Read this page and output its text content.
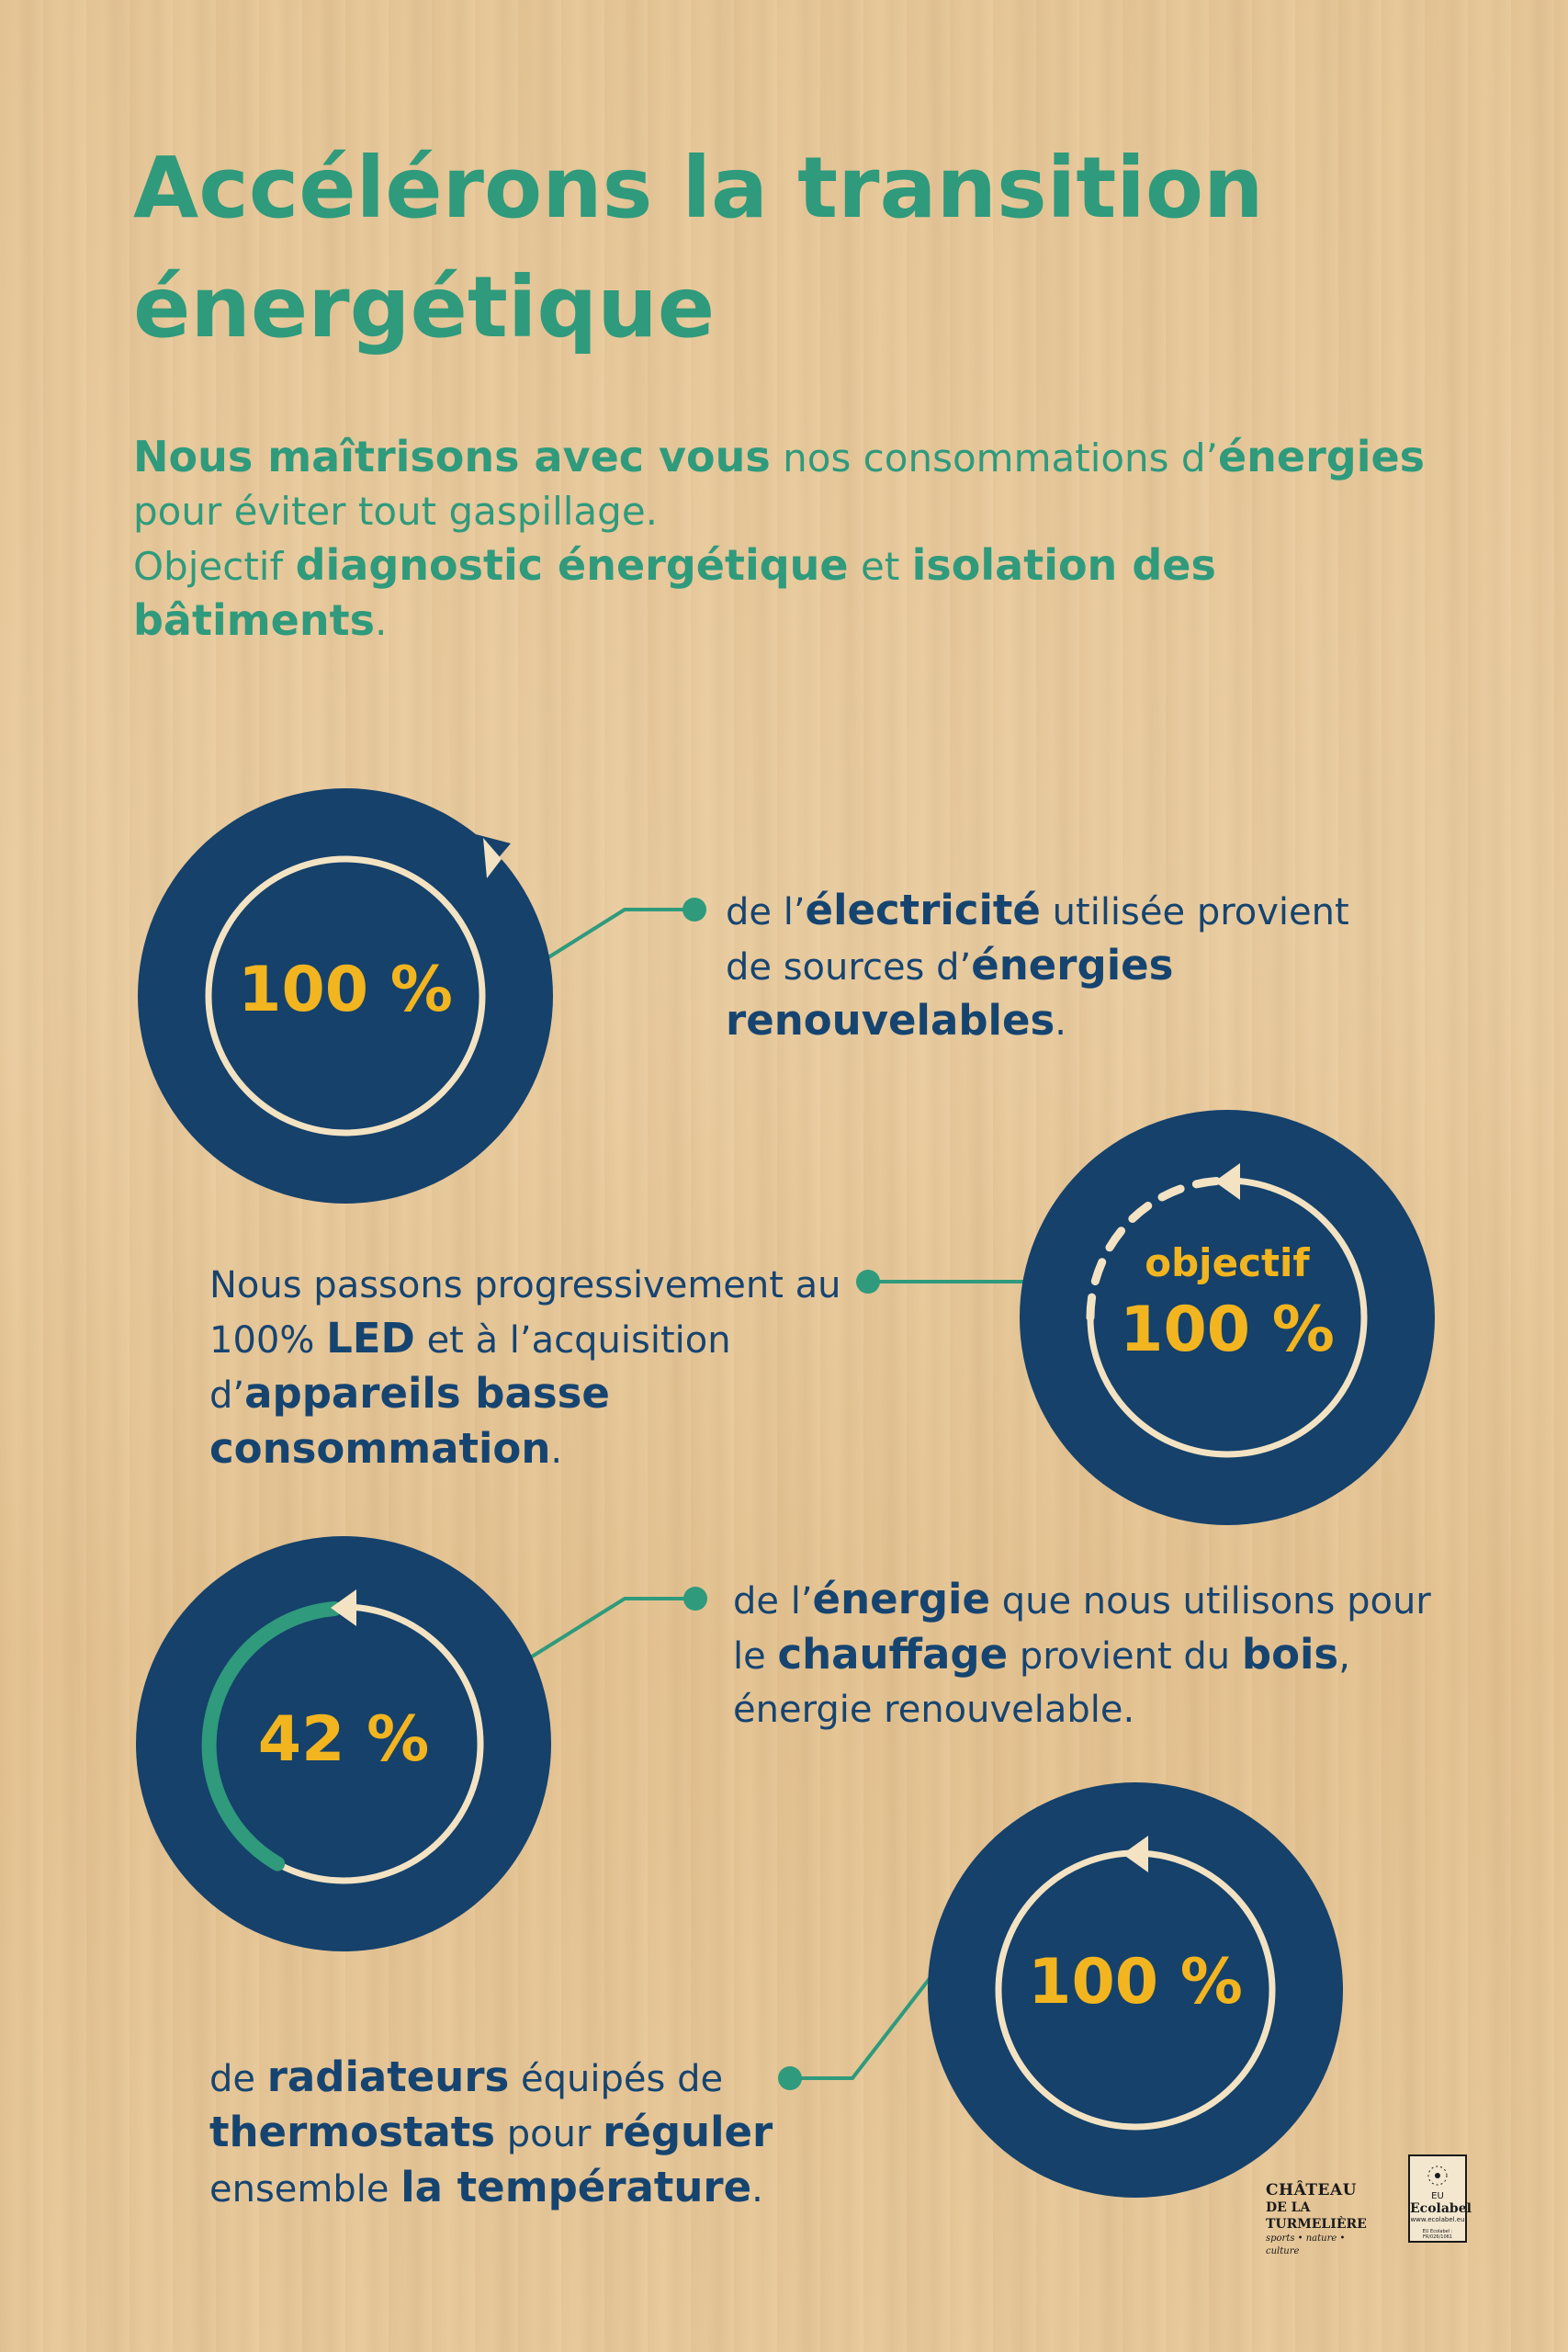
Accélérons la transition
énergétique
Nous maîtrisons avec vous nos consommations d’énergies
pour éviter tout gaspillage.
Objectif diagnostic énergétique et isolation des bâtiments.
100 %
de l’électricité utilisée provient
de sources d’énergies
renouvelables.
objectif
100 %
Nous passons progressivement au
100% LED et à l’acquisition
d’appareils basse
consommation.
42 %
de l’énergie que nous utilisons pour
le chauffage provient du bois,
énergie renouvelable.
100 %
de radiateurs équipés de
thermostats pour réguler
ensemble la température.	CHÂTEAU
DE LA TURMELIÈRE
sports • nature • culture
EU
Ecolabel
www.ecolabel.eu
EU Ecolabel : FR/026/1061
